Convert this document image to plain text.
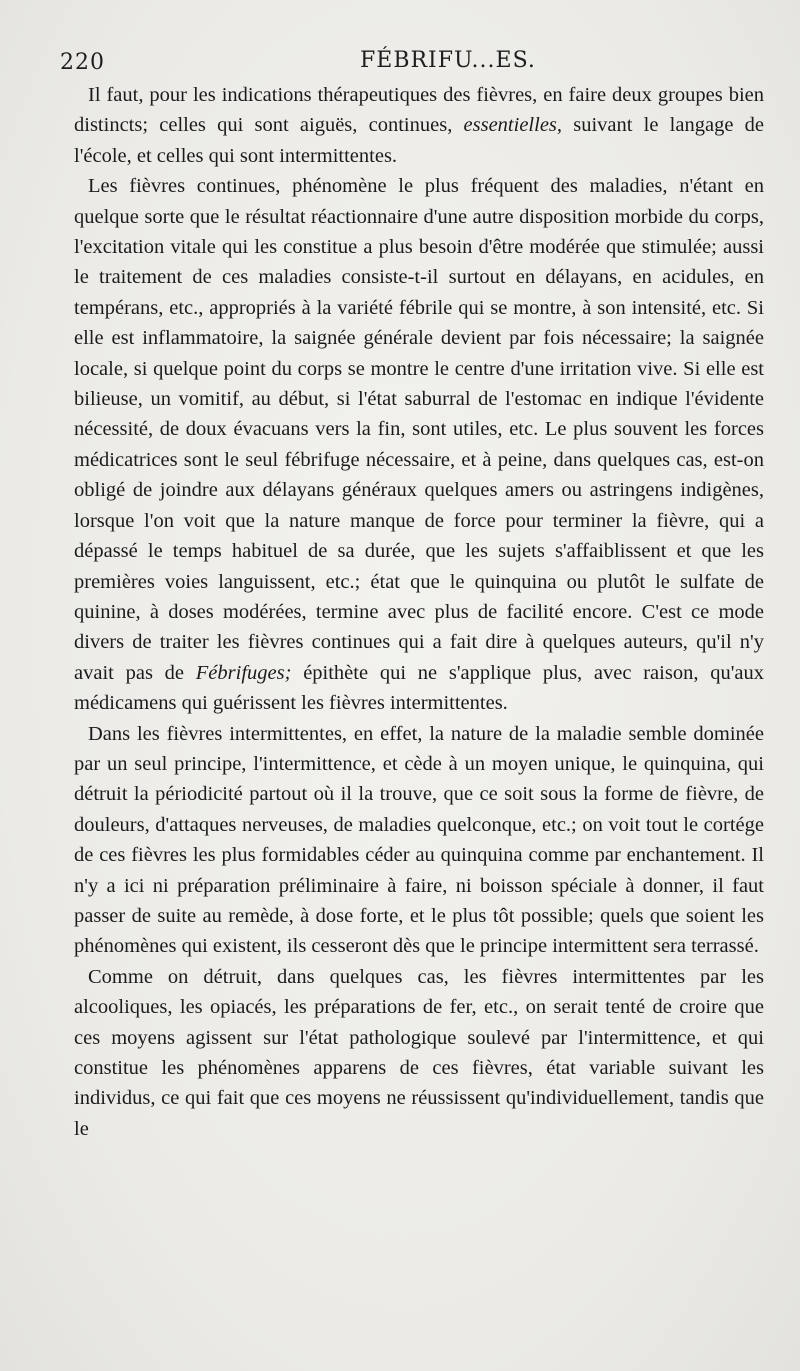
220	FÉBRIFU...ES.

Il faut, pour les indications thérapeutiques des fièvres, en faire deux groupes bien distincts; celles qui sont aiguës, continues, essentielles, suivant le langage de l'école, et celles qui sont intermittentes.

Les fièvres continues, phénomène le plus fréquent des maladies, n'étant en quelque sorte que le résultat réactionnaire d'une autre disposition morbide du corps, l'excitation vitale qui les constitue a plus besoin d'être modérée que stimulée; aussi le traitement de ces maladies consiste-t-il surtout en délayans, en acidules, en tempérans, etc., appropriés à la variété fébrile qui se montre, à son intensité, etc. Si elle est inflammatoire, la saignée générale devient par fois nécessaire; la saignée locale, si quelque point du corps se montre le centre d'une irritation vive. Si elle est bilieuse, un vomitif, au début, si l'état saburral de l'estomac en indique l'évidente nécessité, de doux évacuans vers la fin, sont utiles, etc. Le plus souvent les forces médicatrices sont le seul fébrifuge nécessaire, et à peine, dans quelques cas, est-on obligé de joindre aux délayans généraux quelques amers ou astringens indigènes, lorsque l'on voit que la nature manque de force pour terminer la fièvre, qui a dépassé le temps habituel de sa durée, que les sujets s'affaiblissent et que les premières voies languissent, etc.; état que le quinquina ou plutôt le sulfate de quinine, à doses modérées, termine avec plus de facilité encore. C'est ce mode divers de traiter les fièvres continues qui a fait dire à quelques auteurs, qu'il n'y avait pas de Fébrifuges; épithète qui ne s'applique plus, avec raison, qu'aux médicamens qui guérissent les fièvres intermittentes.

Dans les fièvres intermittentes, en effet, la nature de la maladie semble dominée par un seul principe, l'intermittence, et cède à un moyen unique, le quinquina, qui détruit la périodicité partout où il la trouve, que ce soit sous la forme de fièvre, de douleurs, d'attaques nerveuses, de maladies quelconque, etc.; on voit tout le cortége de ces fièvres les plus formidables céder au quinquina comme par enchantement. Il n'y a ici ni préparation préliminaire à faire, ni boisson spéciale à donner, il faut passer de suite au remède, à dose forte, et le plus tôt possible; quels que soient les phénomènes qui existent, ils cesseront dès que le principe intermittent sera terrassé.

Comme on détruit, dans quelques cas, les fièvres intermittentes par les alcooliques, les opiacés, les préparations de fer, etc., on serait tenté de croire que ces moyens agissent sur l'état pathologique soulevé par l'intermittence, et qui constitue les phénomènes apparens de ces fièvres, état variable suivant les individus, ce qui fait que ces moyens ne réussissent qu'individuellement, tandis que le
